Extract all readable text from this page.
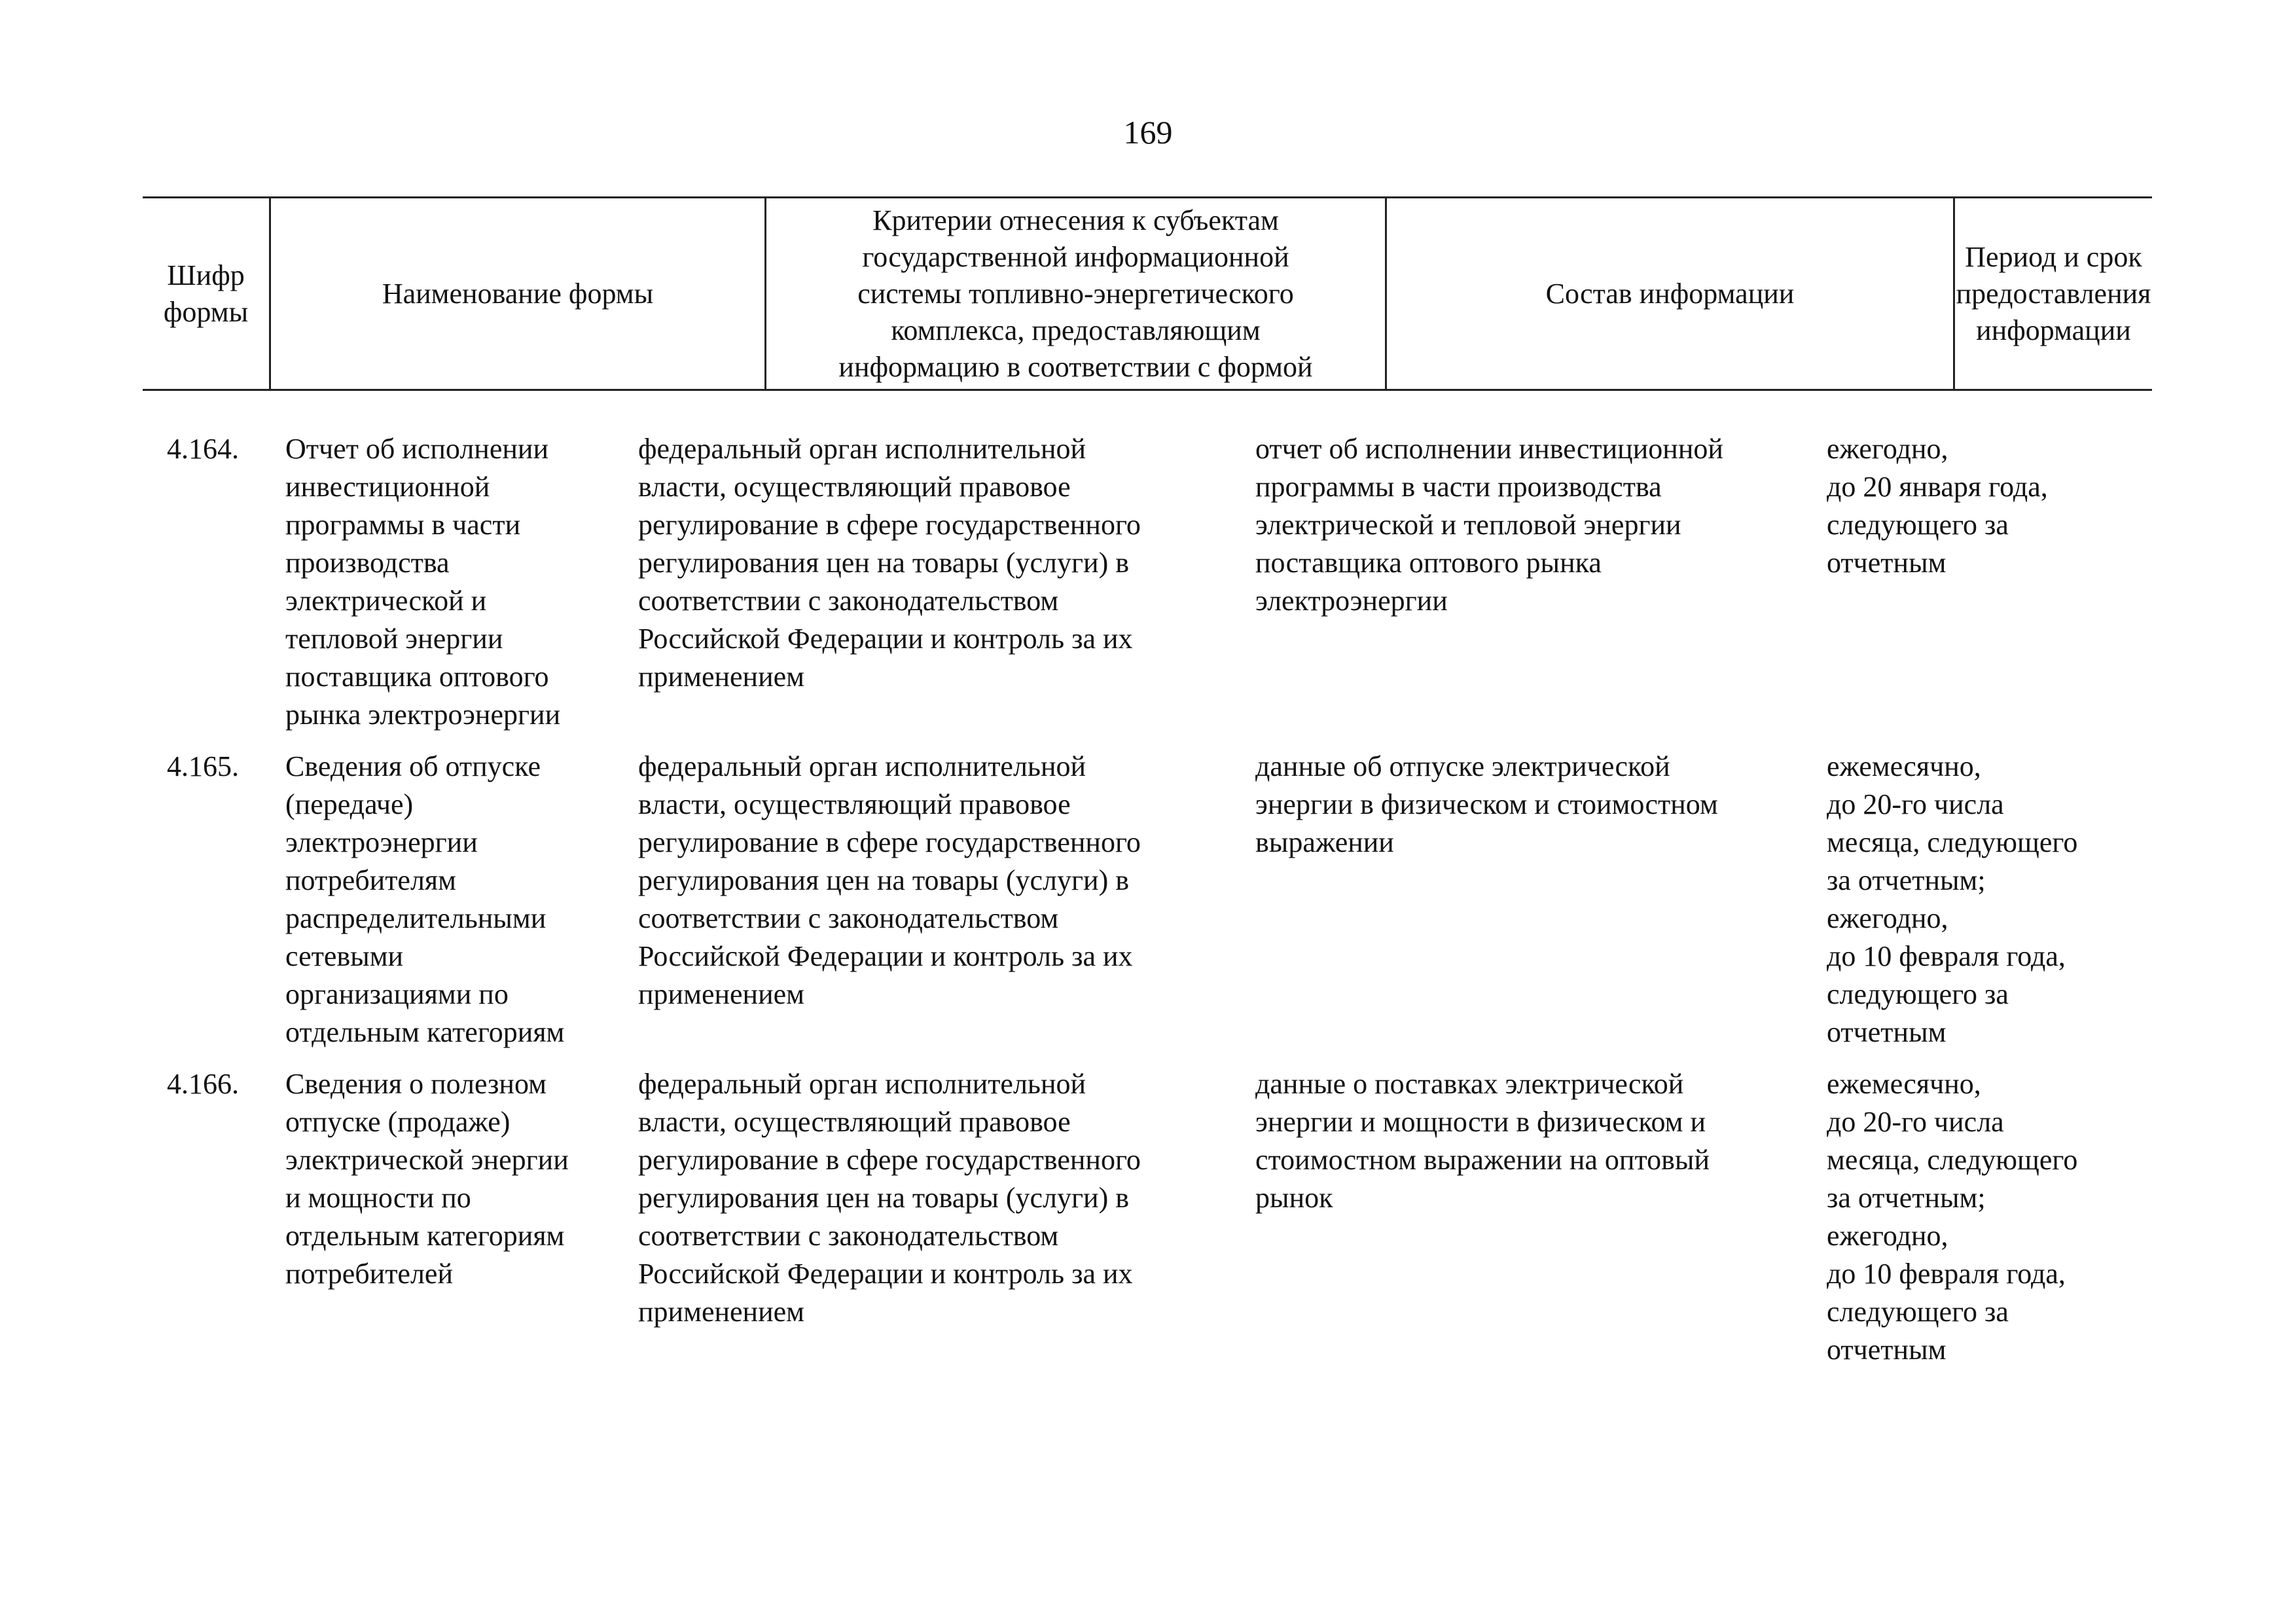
169
Шифр
формы
Наименование формы
Критерии отнесения к субъектам
государственной информационной
системы топливно-энергетического
комплекса, предоставляющим
информацию в соответствии с формой
Состав информации
Период и срок
предоставления
информации
4.164.	Отчет об исполнении
инвестиционной
программы в части
производства
электрической и
тепловой энергии
поставщика оптового
рынка электроэнергии
федеральный орган исполнительной
власти, осуществляющий правовое
регулирование в сфере государственного
регулирования цен на товары (услуги) в
соответствии с законодательством
Российской Федерации и контроль за их
применением
отчет об исполнении инвестиционной
программы в части производства
электрической и тепловой энергии
поставщика оптового рынка
электроэнергии
ежегодно,
до 20 января года,
следующего за
отчетным
4.165. Сведения об отпуске
(передаче)
электроэнергии
потребителям
распределительными
сетевыми
организациями по
отдельным категориям
федеральный орган исполнительной
власти, осуществляющий правовое
регулирование в сфере государственного
регулирования цен на товары (услуги) в
соответствии с законодательством
Российской Федерации и контроль за их
применением
данные об отпуске электрической
энергии в физическом и стоимостном
выражении
ежемесячно,
до 20-го числа
месяца, следующего
за отчетным;
ежегодно,
до 10 февраля года,
следующего за
отчетным
4.166. Сведения о полезном
отпуске (продаже)
электрической энергии
и мощности по
отдельным категориям
потребителей
федеральный орган исполнительной
власти, осуществляющий правовое
регулирование в сфере государственного
регулирования цен на товары (услуги) в
соответствии с законодательством
Российской Федерации и контроль за их
применением
данные о поставках электрической
энергии и мощности в физическом и
стоимостном выражении на оптовый
рынок
ежемесячно,
до 20-го числа
месяца, следующего
за отчетным;
ежегодно,
до 10 февраля года,
следующего за
отчетным
